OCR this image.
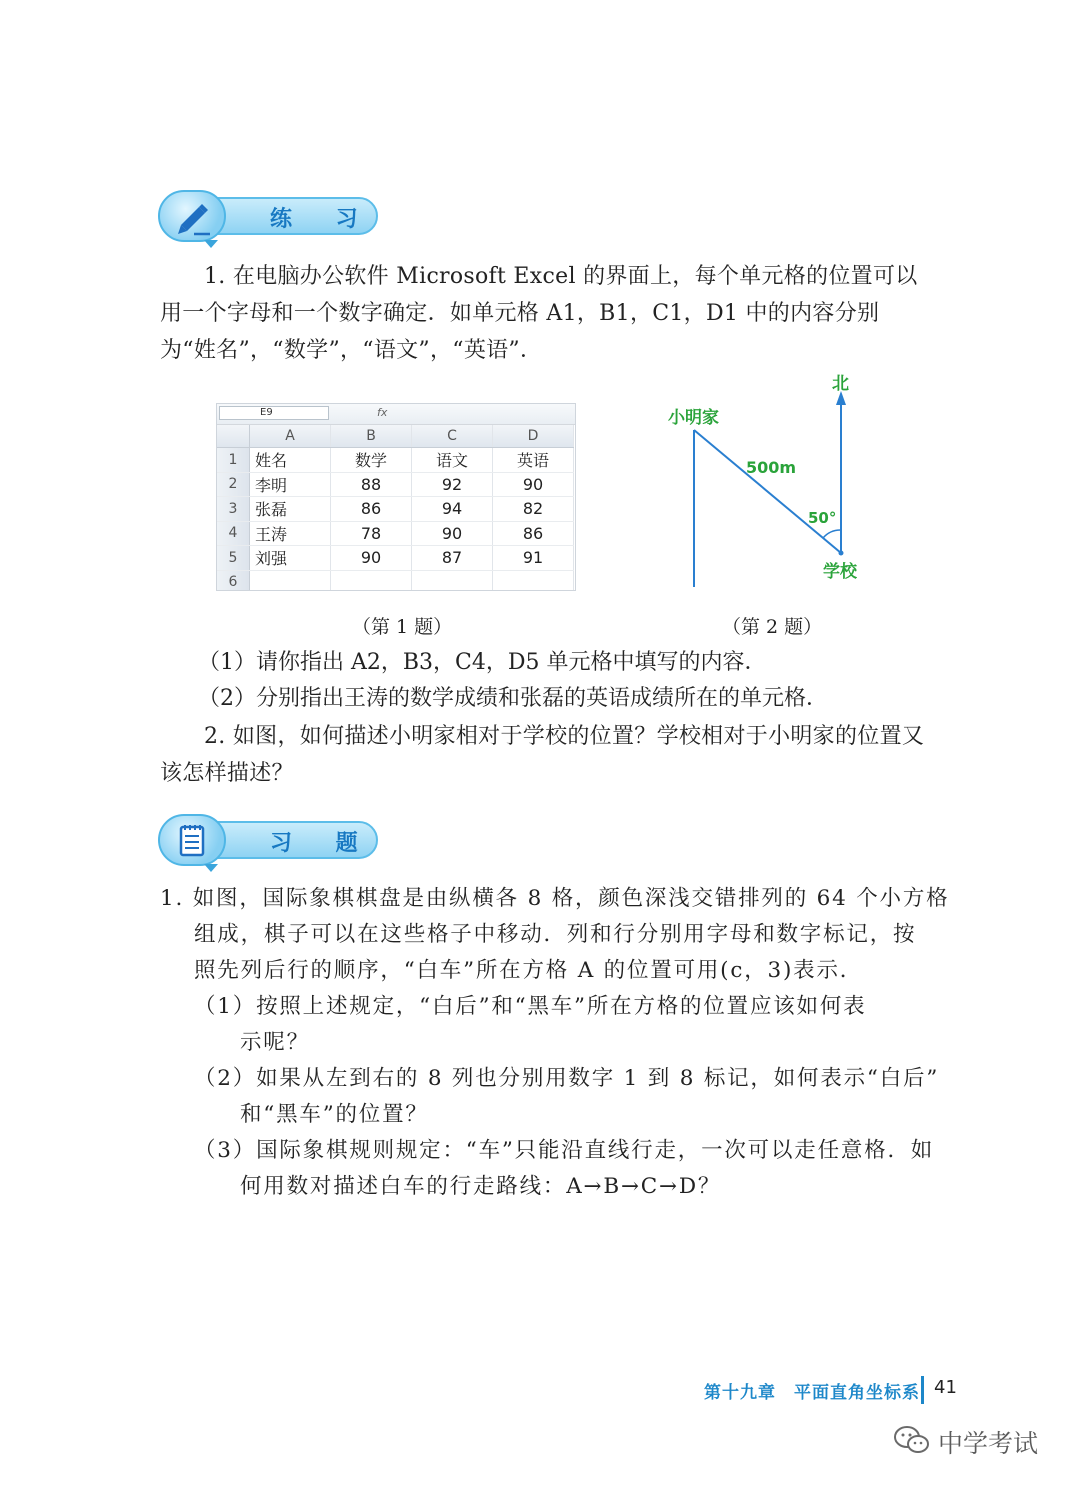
练 习
1. 在电脑办公软件 Microsoft Excel 的界面上，每个单元格的位置可以用一个字母和一个数字确定．如单元格 A1，B1，C1，D1 中的内容分别为“姓名”，“数学”，“语文”，“英语”．
E9	fx
	A	B	C	D
1	姓名	数学	语文	英语
2	李明	88	92	90
3	张磊	86	94	82
4	王涛	78	90	86
5	刘强	90	87	91
6				
北
小明家
500m
50°
学校
（第 1 题）	（第 2 题）
（1）请你指出 A2，B3，C4，D5 单元格中填写的内容．
（2）分别指出王涛的数学成绩和张磊的英语成绩所在的单元格．
2. 如图，如何描述小明家相对于学校的位置？学校相对于小明家的位置又该怎样描述？
习 题
1. 如图，国际象棋棋盘是由纵横各 8 格，颜色深浅交错排列的 64 个小方格
组成，棋子可以在这些格子中移动．列和行分别用字母和数字标记，按
照先列后行的顺序，“白车”所在方格 A 的位置可用(c，3)表示．
（1）按照上述规定，“白后”和“黑车”所在方格的位置应该如何表
示呢？
（2）如果从左到右的 8 列也分别用数字 1 到 8 标记，如何表示“白后”
和“黑车”的位置？
（3）国际象棋规则规定：“车”只能沿直线行走，一次可以走任意格．如
何用数对描述白车的行走路线：A→B→C→D？
第十九章　平面直角坐标系 41
中学考试
